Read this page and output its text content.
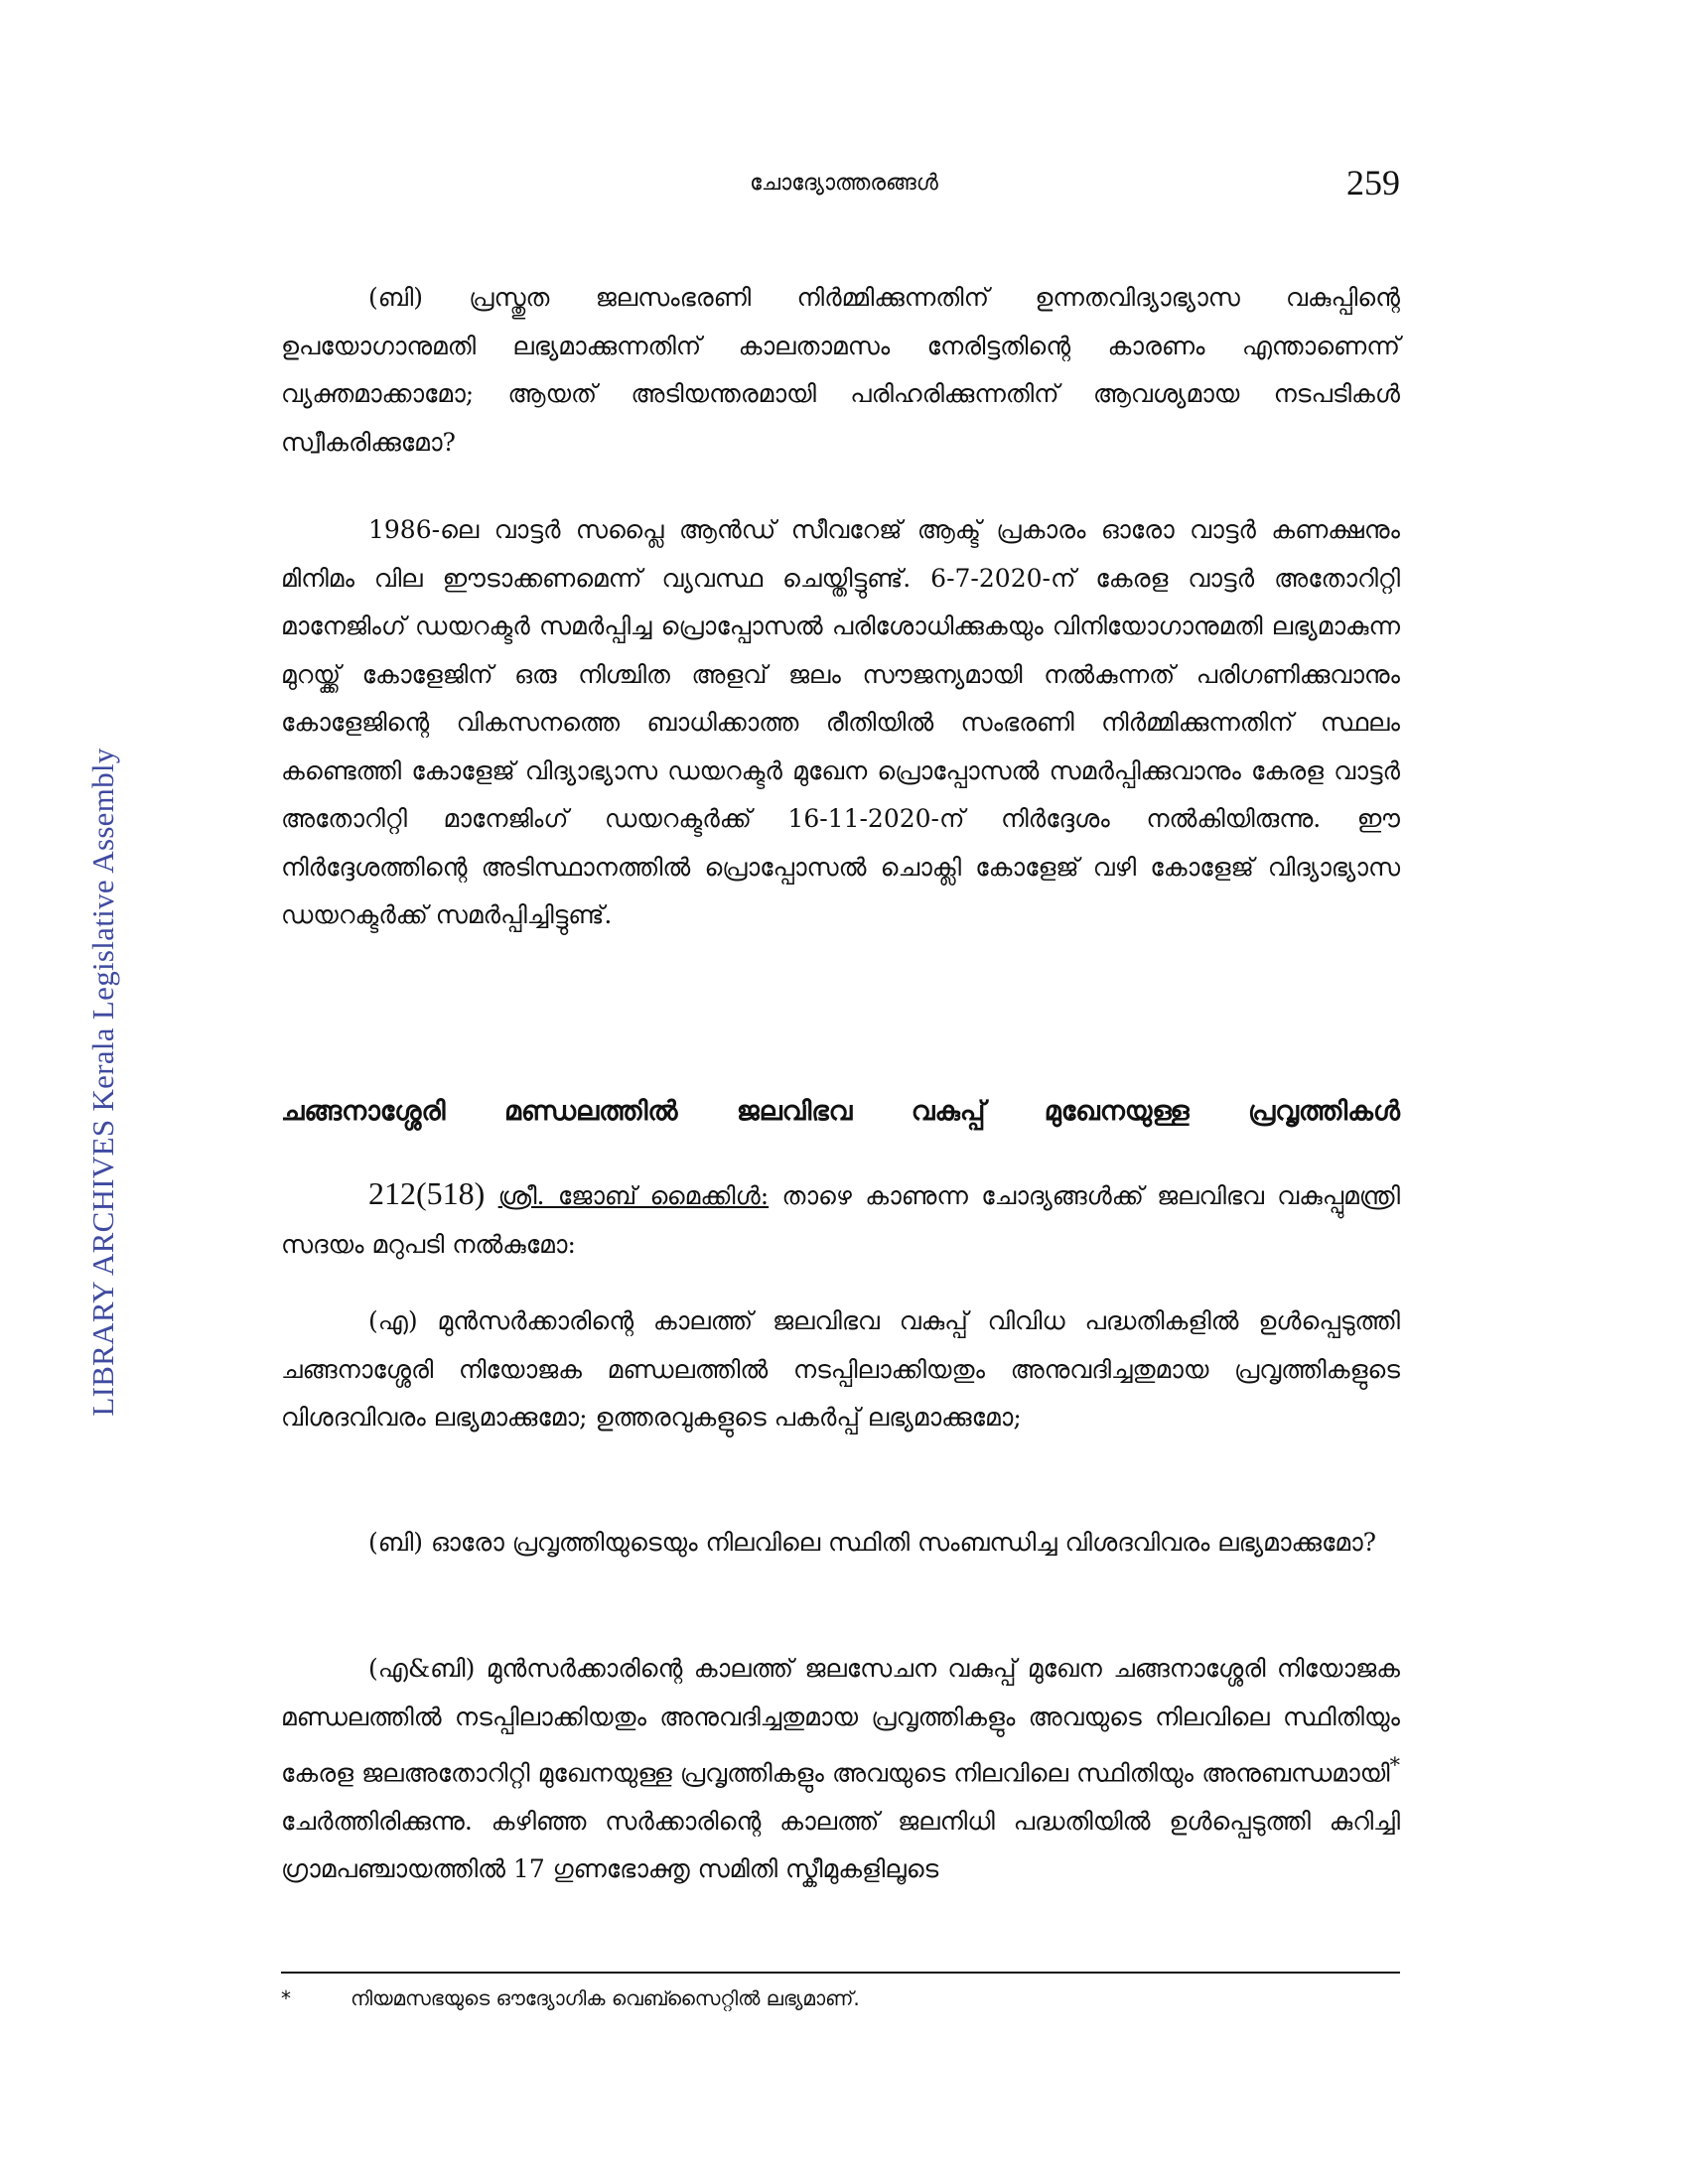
ചോദ്യോത്തരങ്ങൾ	259
LIBRARY ARCHIVES Kerala Legislative Assembly

(ബി) പ്രസ്തുത ജലസംഭരണി നിർമ്മിക്കുന്നതിന് ഉന്നതവിദ്യാഭ്യാസ വകുപ്പിന്റെ ഉപയോഗാനുമതി ലഭ്യമാക്കുന്നതിന് കാലതാമസം നേരിട്ടതിന്റെ കാരണം എന്താണെന്ന് വ്യക്തമാക്കാമോ; ആയത് അടിയന്തരമായി പരിഹരിക്കുന്നതിന് ആവശ്യമായ നടപടികൾ സ്വീകരിക്കുമോ?

1986-ലെ വാട്ടർ സപ്ലൈ ആൻഡ് സീവറേജ് ആക്ട് പ്രകാരം ഓരോ വാട്ടർ കണക്ഷനും മിനിമം വില ഈടാക്കണമെന്ന് വ്യവസ്ഥ ചെയ്തിട്ടുണ്ട്. 6-7-2020-ന് കേരള വാട്ടർ അതോറിറ്റി മാനേജിംഗ് ഡയറക്ടർ സമർപ്പിച്ച പ്രൊപ്പോസൽ പരിശോധിക്കുകയും വിനിയോഗാനുമതി ലഭ്യമാകുന്ന മുറയ്ക്ക് കോളേജിന് ഒരു നിശ്ചിത അളവ് ജലം സൗജന്യമായി നൽകുന്നത് പരിഗണിക്കുവാനും കോളേജിന്റെ വികസനത്തെ ബാധിക്കാത്ത രീതിയിൽ സംഭരണി നിർമ്മിക്കുന്നതിന് സ്ഥലം കണ്ടെത്തി കോളേജ് വിദ്യാഭ്യാസ ഡയറക്ടർ മുഖേന പ്രൊപ്പോസൽ സമർപ്പിക്കുവാനും കേരള വാട്ടർ അതോറിറ്റി മാനേജിംഗ് ഡയറക്ടർക്ക് 16-11-2020-ന് നിർദ്ദേശം നൽകിയിരുന്നു. ഈ നിർദ്ദേശത്തിന്റെ അടിസ്ഥാനത്തിൽ പ്രൊപ്പോസൽ ചൊക്ലി കോളേജ് വഴി കോളേജ് വിദ്യാഭ്യാസ ഡയറക്ടർക്ക് സമർപ്പിച്ചിട്ടുണ്ട്.

ചങ്ങനാശ്ശേരി മണ്ഡലത്തിൽ ജലവിഭവ വകുപ്പ് മുഖേനയുള്ള പ്രവൃത്തികൾ

212(518) ശ്രീ. ജോബ് മൈക്കിൾ: താഴെ കാണുന്ന ചോദ്യങ്ങൾക്ക് ജലവിഭവ വകുപ്പുമന്ത്രി സദയം മറുപടി നൽകുമോ:

(എ) മുൻസർക്കാരിന്റെ കാലത്ത് ജലവിഭവ വകുപ്പ് വിവിധ പദ്ധതികളിൽ ഉൾപ്പെടുത്തി ചങ്ങനാശ്ശേരി നിയോജക മണ്ഡലത്തിൽ നടപ്പിലാക്കിയതും അനുവദിച്ചതുമായ പ്രവൃത്തികളുടെ വിശദവിവരം ലഭ്യമാക്കുമോ; ഉത്തരവുകളുടെ പകർപ്പ് ലഭ്യമാക്കുമോ;

(ബി) ഓരോ പ്രവൃത്തിയുടെയും നിലവിലെ സ്ഥിതി സംബന്ധിച്ച വിശദവിവരം ലഭ്യമാക്കുമോ?

(എ&ബി) മുൻസർക്കാരിന്റെ കാലത്ത് ജലസേചന വകുപ്പ് മുഖേന ചങ്ങനാശ്ശേരി നിയോജക മണ്ഡലത്തിൽ നടപ്പിലാക്കിയതും അനുവദിച്ചതുമായ പ്രവൃത്തികളും അവയുടെ നിലവിലെ സ്ഥിതിയും കേരള ജലഅതോറിറ്റി മുഖേനയുള്ള പ്രവൃത്തികളും അവയുടെ നിലവിലെ സ്ഥിതിയും അനുബന്ധമായി* ചേർത്തിരിക്കുന്നു. കഴിഞ്ഞ സർക്കാരിന്റെ കാലത്ത് ജലനിധി പദ്ധതിയിൽ ഉൾപ്പെടുത്തി കുറിച്ചി ഗ്രാമപഞ്ചായത്തിൽ 17 ഗുണഭോക്തൃ സമിതി സ്കീമുകളിലൂടെ

*	നിയമസഭയുടെ ഔദ്യോഗിക വെബ്സൈറ്റിൽ ലഭ്യമാണ്.
